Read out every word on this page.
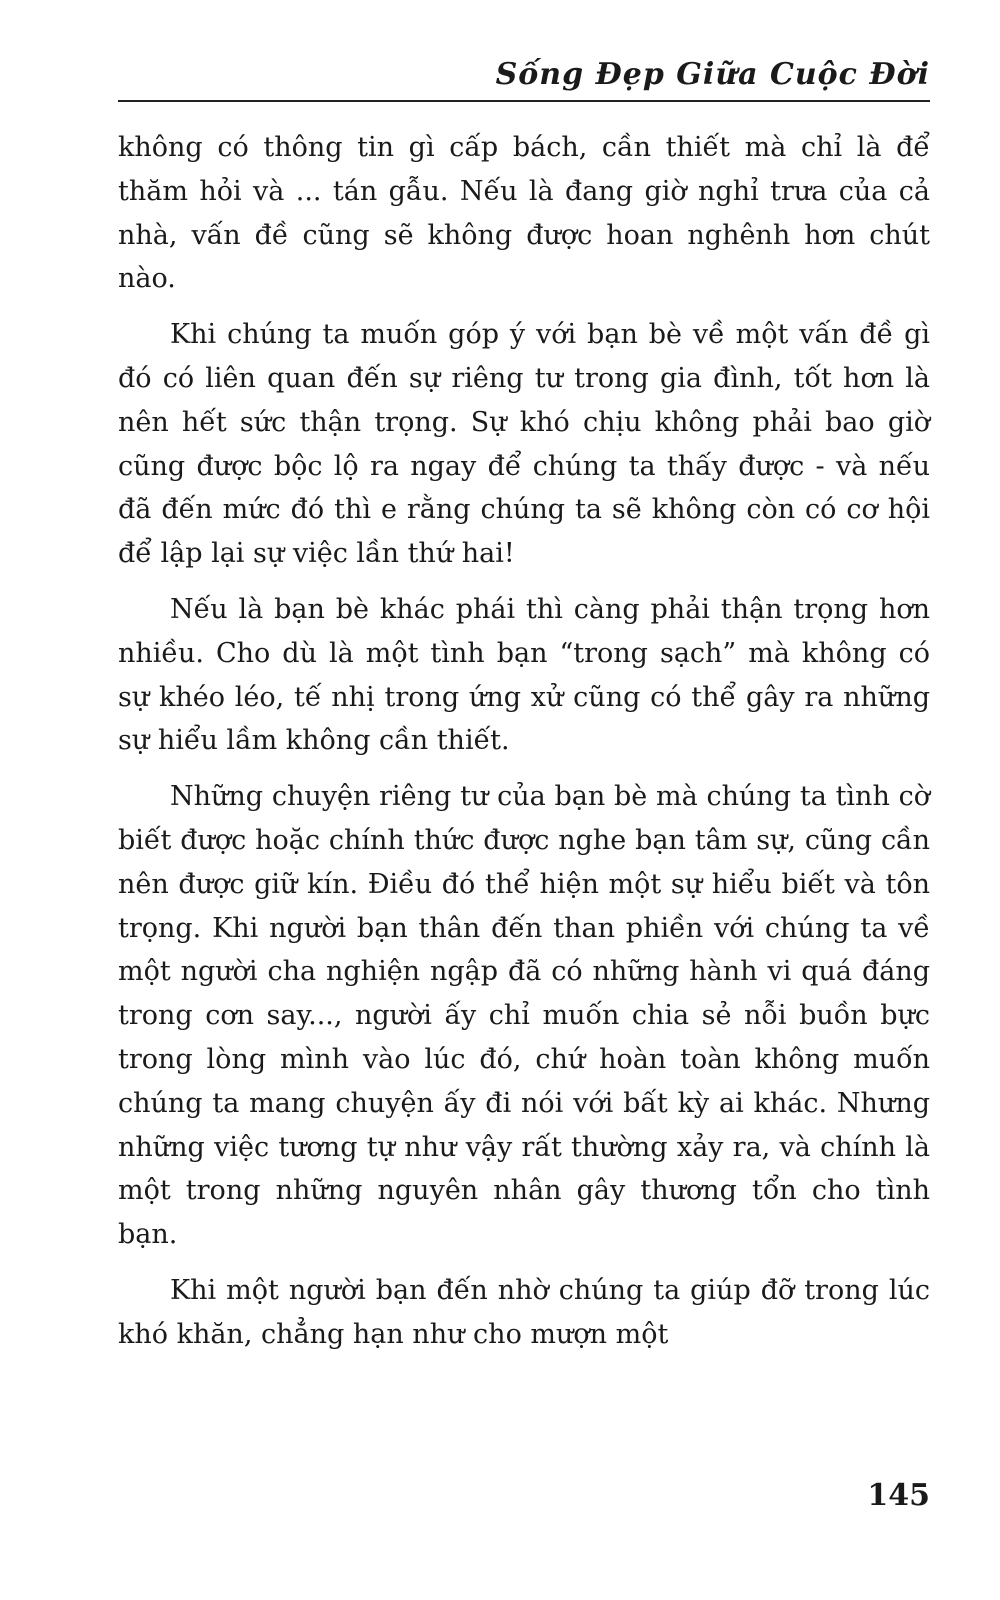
Sống Đẹp Giữa Cuộc Đời

không có thông tin gì cấp bách, cần thiết mà chỉ là để thăm hỏi và ... tán gẫu. Nếu là đang giờ nghỉ trưa của cả nhà, vấn đề cũng sẽ không được hoan nghênh hơn chút nào.

Khi chúng ta muốn góp ý với bạn bè về một vấn đề gì đó có liên quan đến sự riêng tư trong gia đình, tốt hơn là nên hết sức thận trọng. Sự khó chịu không phải bao giờ cũng được bộc lộ ra ngay để chúng ta thấy được - và nếu đã đến mức đó thì e rằng chúng ta sẽ không còn có cơ hội để lập lại sự việc lần thứ hai!

Nếu là bạn bè khác phái thì càng phải thận trọng hơn nhiều. Cho dù là một tình bạn “trong sạch” mà không có sự khéo léo, tế nhị trong ứng xử cũng có thể gây ra những sự hiểu lầm không cần thiết.

Những chuyện riêng tư của bạn bè mà chúng ta tình cờ biết được hoặc chính thức được nghe bạn tâm sự, cũng cần nên được giữ kín. Điều đó thể hiện một sự hiểu biết và tôn trọng. Khi người bạn thân đến than phiền với chúng ta về một người cha nghiện ngập đã có những hành vi quá đáng trong cơn say..., người ấy chỉ muốn chia sẻ nỗi buồn bực trong lòng mình vào lúc đó, chứ hoàn toàn không muốn chúng ta mang chuyện ấy đi nói với bất kỳ ai khác. Nhưng những việc tương tự như vậy rất thường xảy ra, và chính là một trong những nguyên nhân gây thương tổn cho tình bạn.

Khi một người bạn đến nhờ chúng ta giúp đỡ trong lúc khó khăn, chẳng hạn như cho mượn một

145
